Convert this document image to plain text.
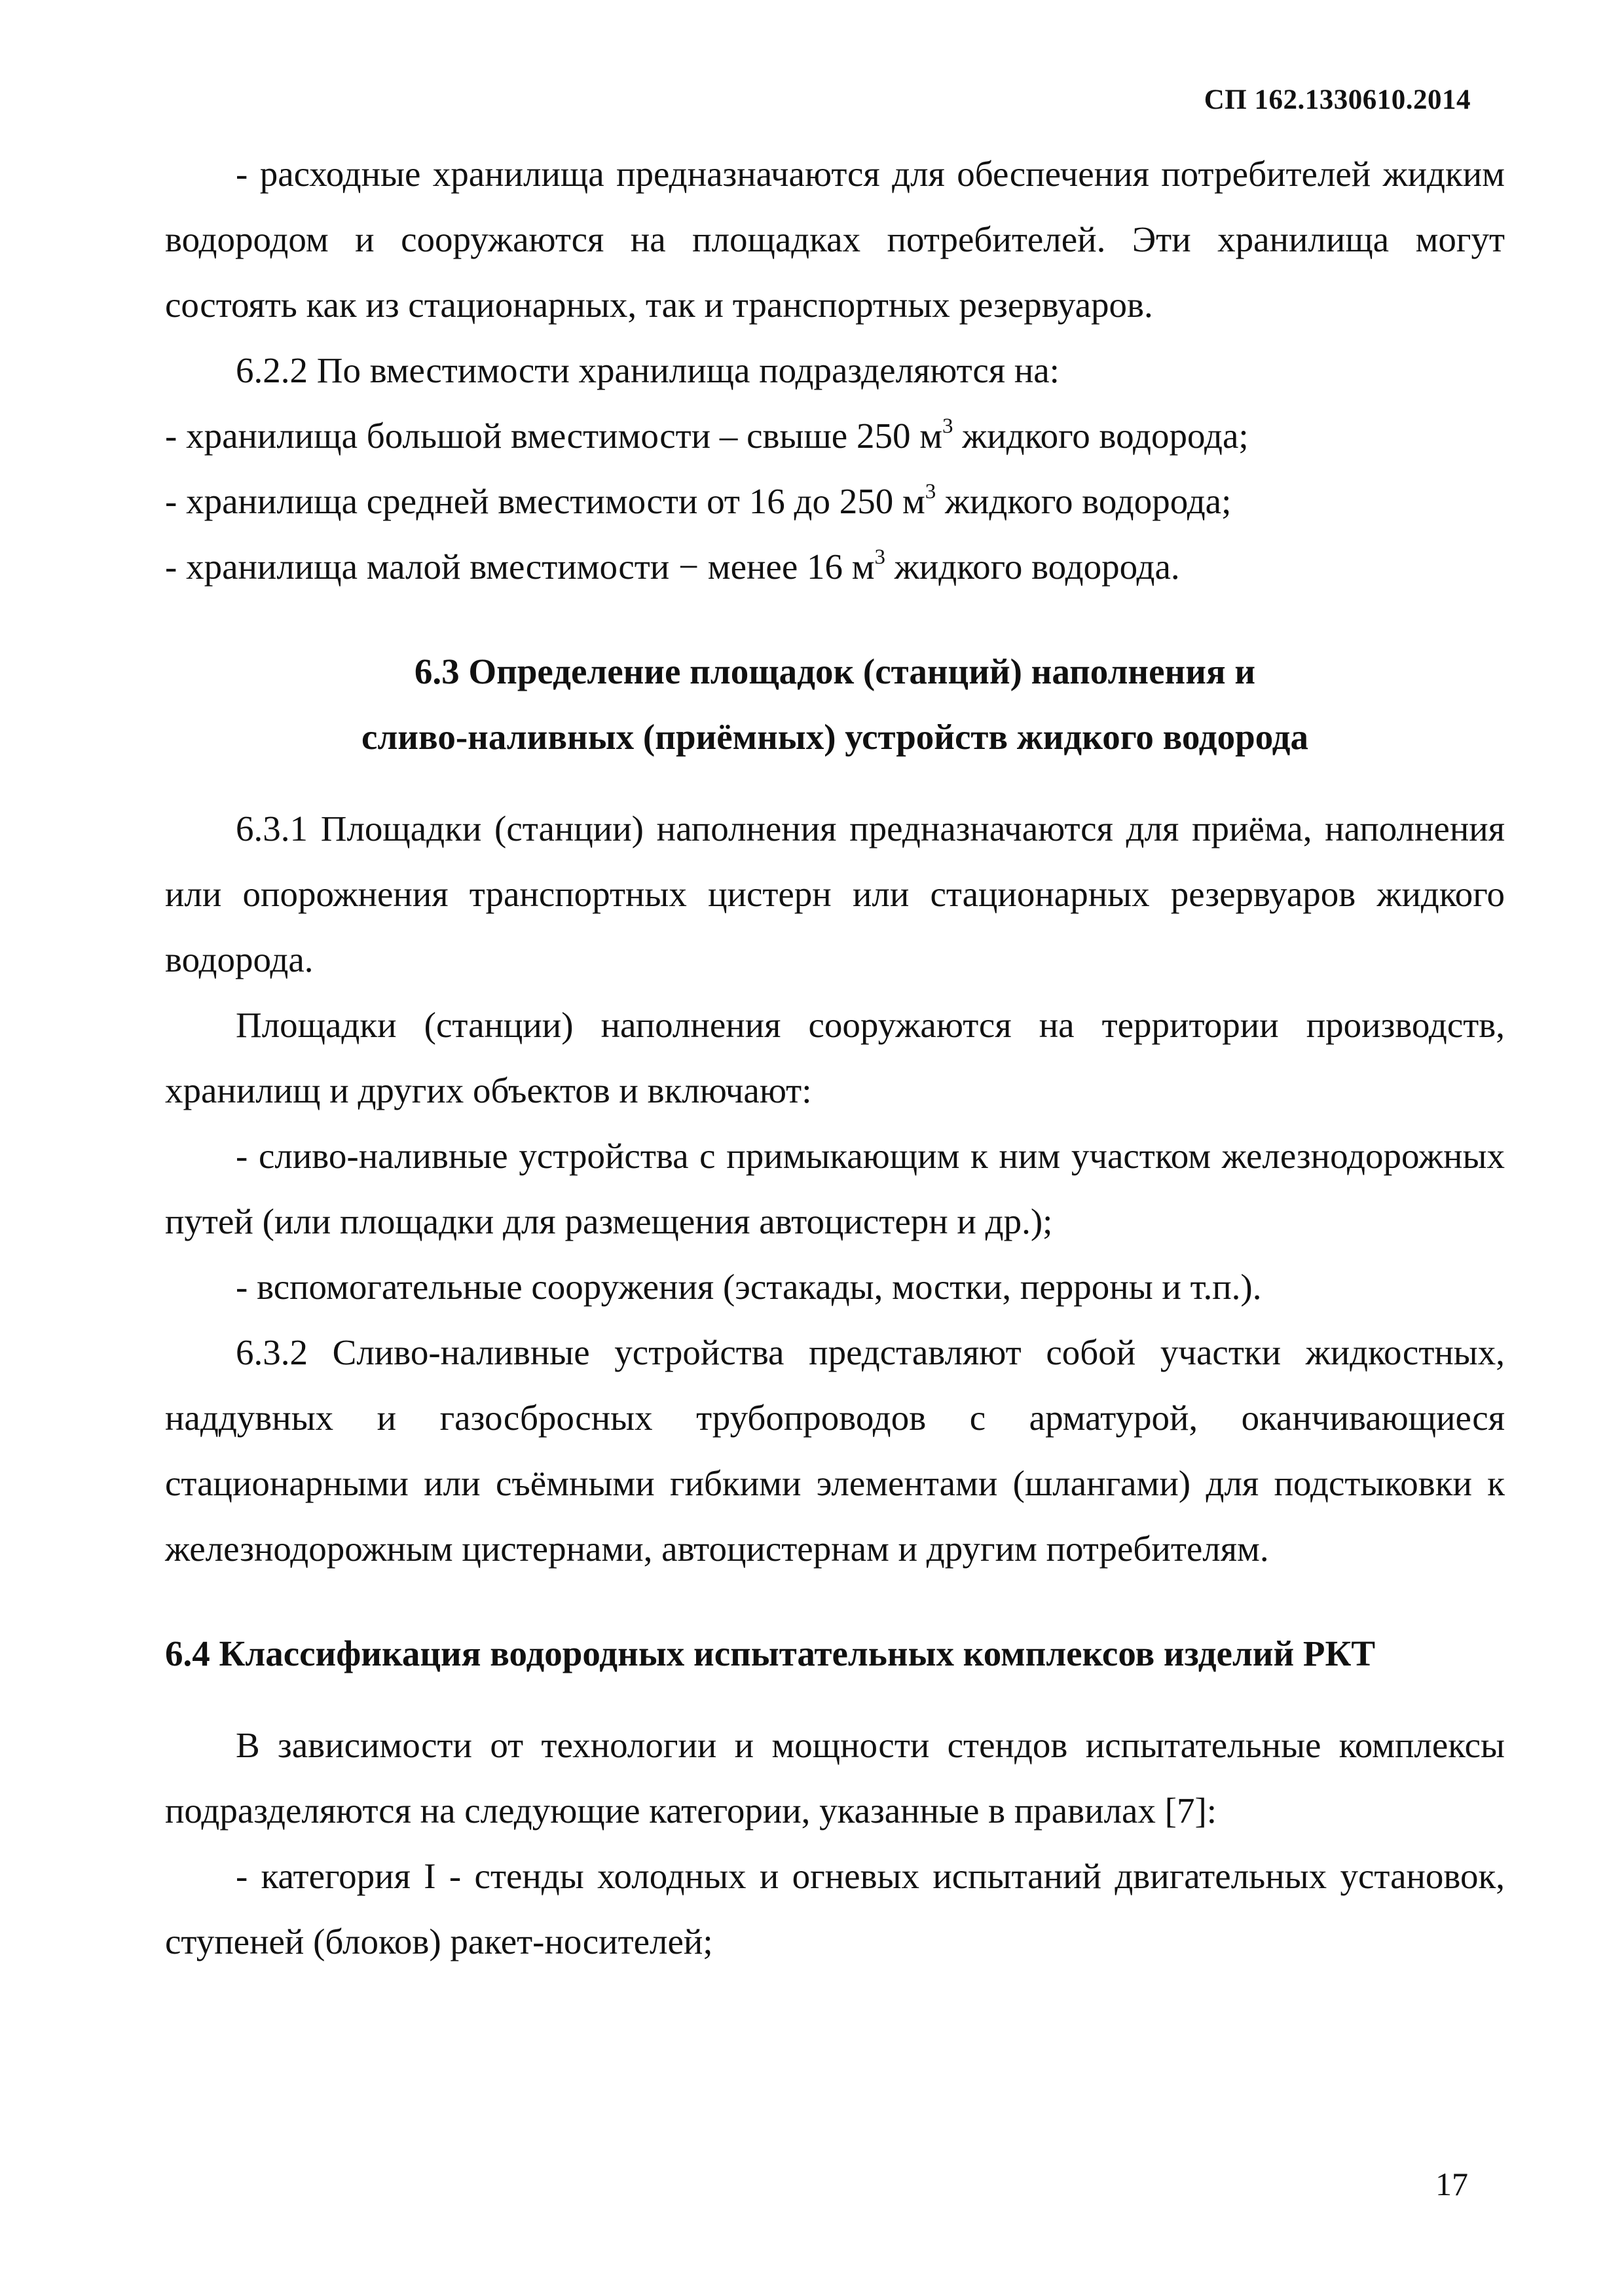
СП 162.1330610.2014

- расходные хранилища предназначаются для обеспечения потребителей жидким водородом и сооружаются на площадках потребителей. Эти хранилища могут состоять как из стационарных, так и транспортных резервуаров.

6.2.2 По вместимости хранилища подразделяются на:

- хранилища большой вместимости – свыше 250 $м^3$ жидкого водорода;

- хранилища средней вместимости от 16 до 250 $м^3$ жидкого водорода;

- хранилища малой вместимости − менее 16 $м^3$ жидкого водорода.

6.3 Определение площадок (станций) наполнения и

сливо-наливных (приёмных) устройств жидкого водорода

6.3.1 Площадки (станции) наполнения предназначаются для приёма, наполнения или опорожнения транспортных цистерн или стационарных резервуаров жидкого водорода.

Площадки (станции) наполнения сооружаются на территории производств, хранилищ и других объектов и включают:

- сливо-наливные устройства с примыкающим к ним участком железнодорожных путей (или площадки для размещения автоцистерн и др.);

- вспомогательные сооружения (эстакады, мостки, перроны и т.п.).

6.3.2 Сливо-наливные устройства представляют собой участки жидкостных, наддувных и газосбросных трубопроводов с арматурой, оканчивающиеся стационарными или съёмными гибкими элементами (шлангами) для подстыковки к железнодорожным цистернами, автоцистернам и другим потребителям.

6.4 Классификация водородных испытательных комплексов изделий РКТ

В зависимости от технологии и мощности стендов испытательные комплексы подразделяются на следующие категории, указанные в правилах [7]:

- категория I - стенды холодных и огневых испытаний двигательных установок, ступеней (блоков) ракет-носителей;

17
